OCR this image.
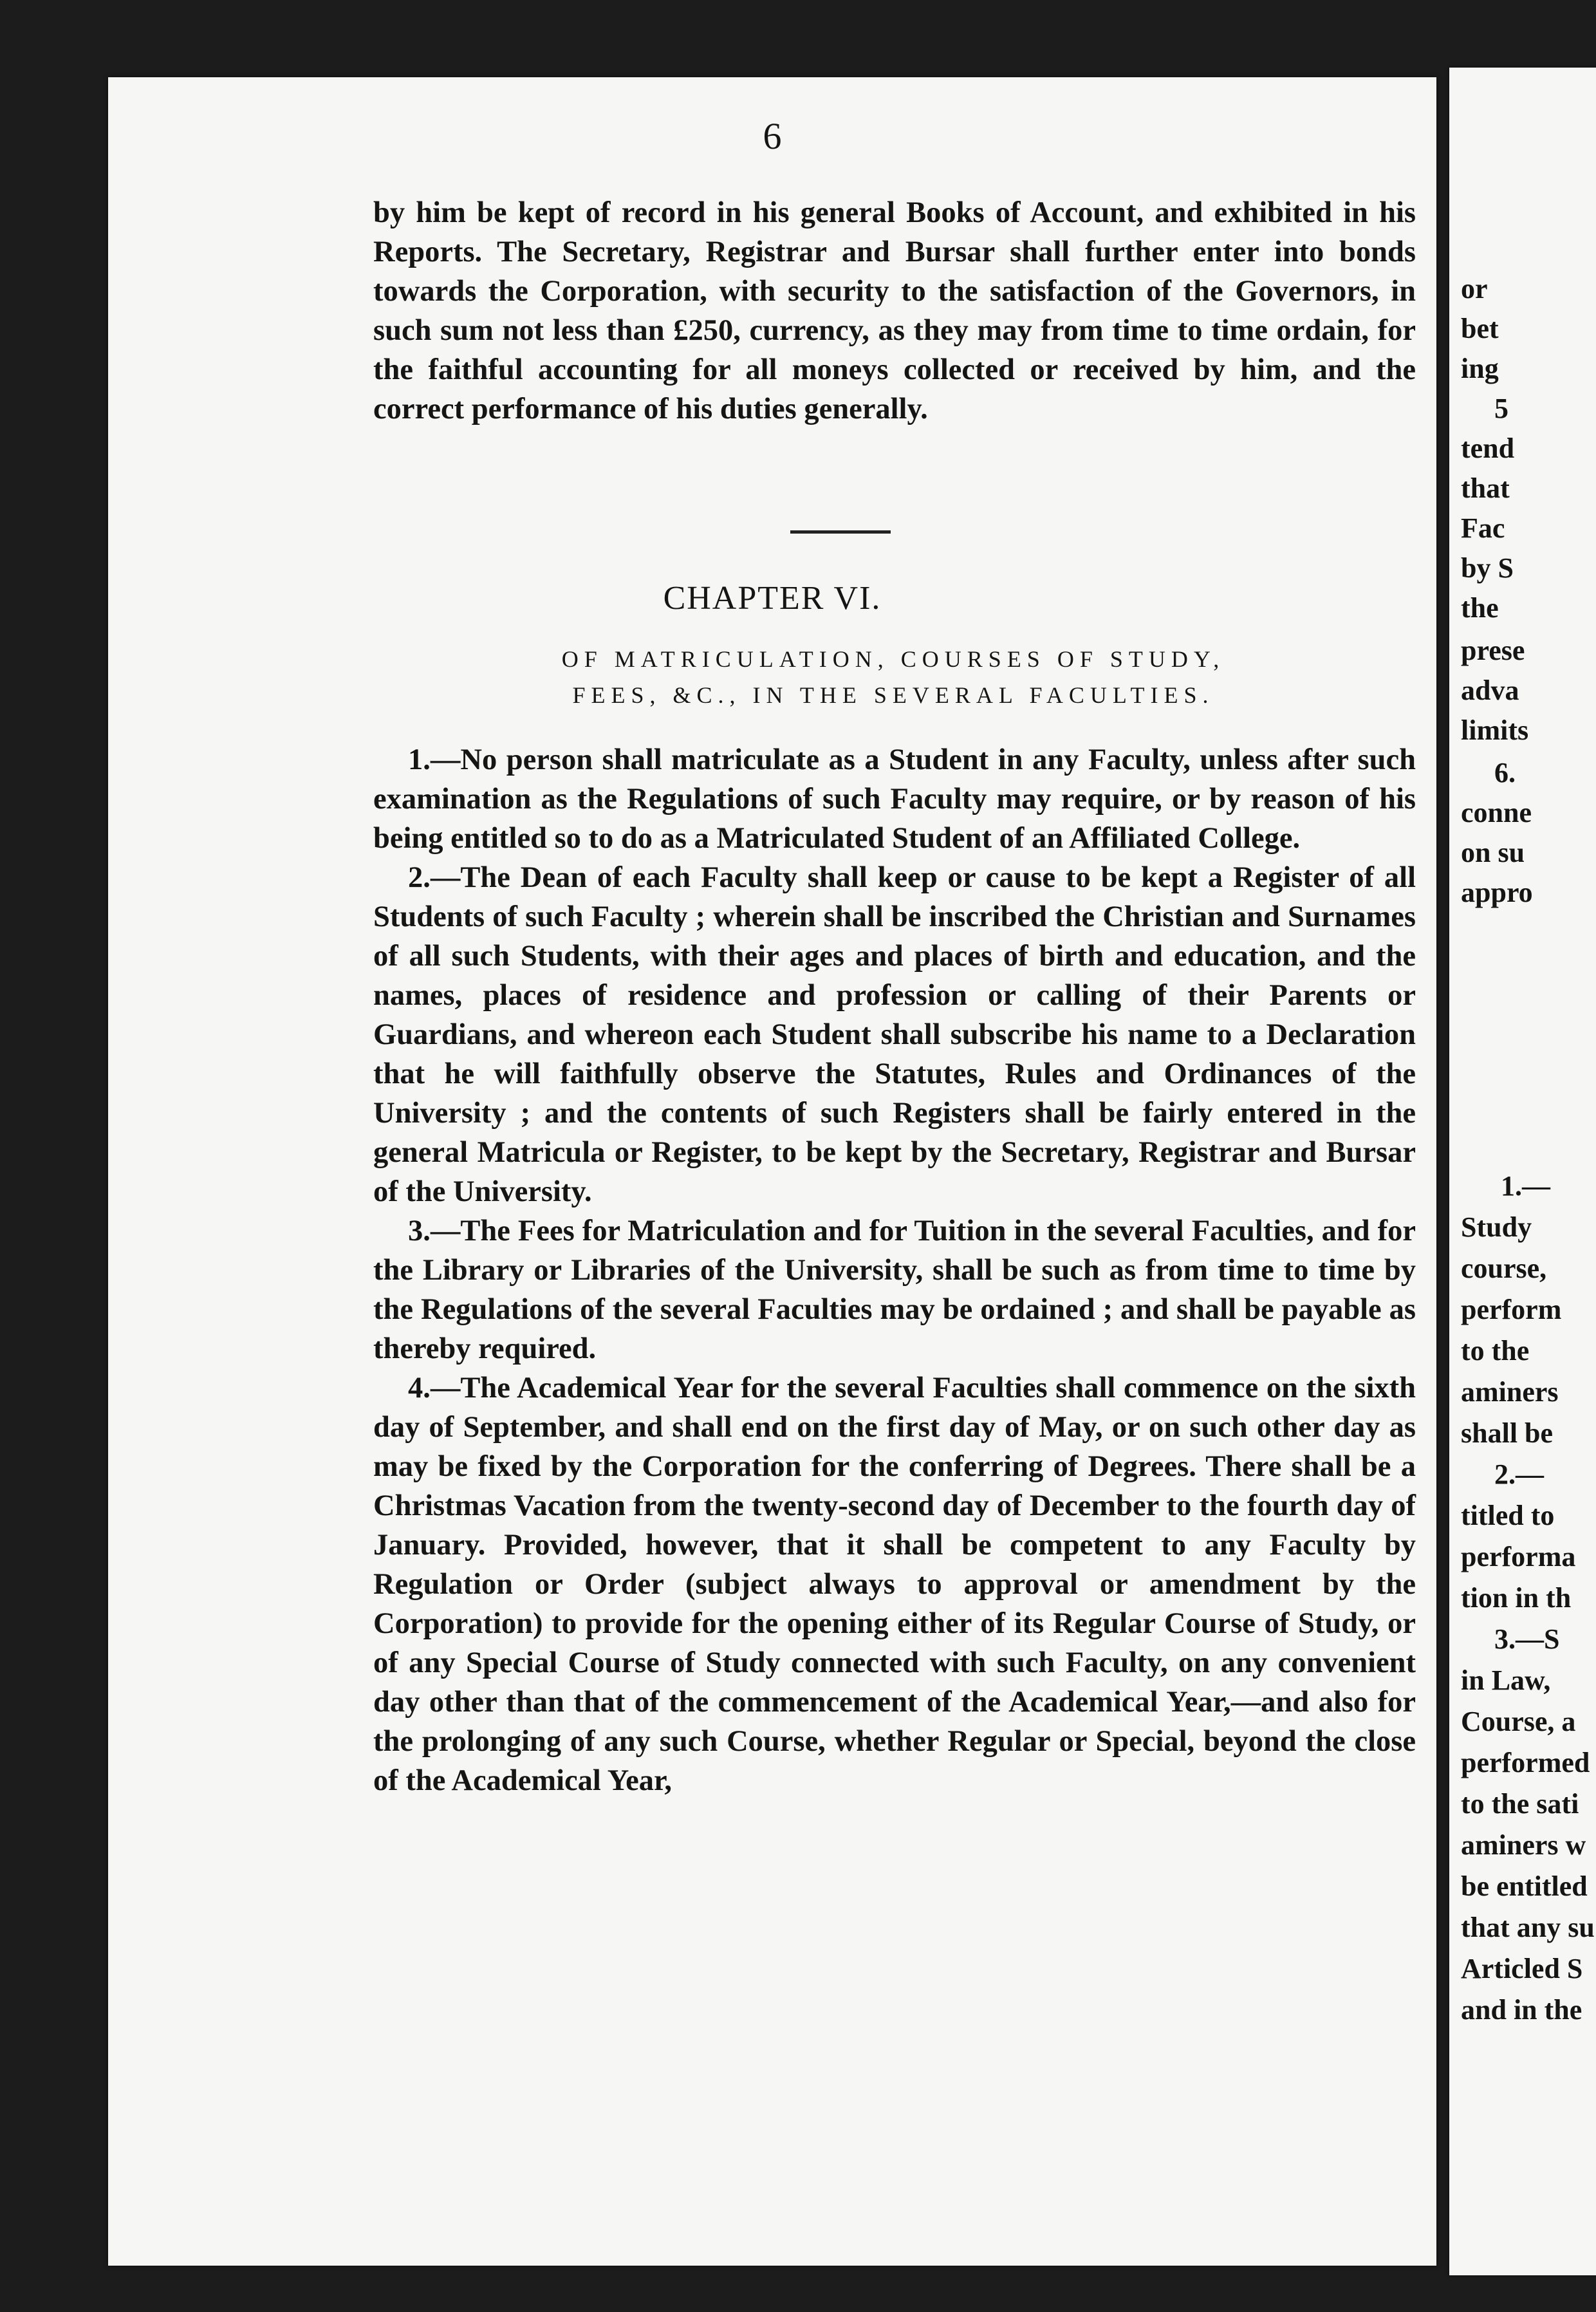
6

by him be kept of record in his general Books of Account, and exhibited in his Reports. The Secretary, Registrar and Bursar shall further enter into bonds towards the Corporation, with security to the satisfaction of the Governors, in such sum not less than £250, currency, as they may from time to time ordain, for the faithful accounting for all moneys collected or received by him, and the correct performance of his duties generally.

CHAPTER VI.
OF MATRICULATION, COURSES OF STUDY,
FEES, &C., IN THE SEVERAL FACULTIES.

1.—No person shall matriculate as a Student in any Faculty, unless after such examination as the Regulations of such Faculty may require, or by reason of his being entitled so to do as a Matriculated Student of an Affiliated College.

2.—The Dean of each Faculty shall keep or cause to be kept a Register of all Students of such Faculty ; wherein shall be inscribed the Christian and Surnames of all such Students, with their ages and places of birth and education, and the names, places of residence and profession or calling of their Parents or Guardians, and whereon each Student shall subscribe his name to a Declaration that he will faithfully observe the Statutes, Rules and Ordinances of the University ; and the contents of such Registers shall be fairly entered in the general Matricula or Register, to be kept by the Secretary, Registrar and Bursar of the University.

3.—The Fees for Matriculation and for Tuition in the several Faculties, and for the Library or Libraries of the University, shall be such as from time to time by the Regulations of the several Faculties may be ordained ; and shall be payable as thereby required.

4.—The Academical Year for the several Faculties shall commence on the sixth day of September, and shall end on the first day of May, or on such other day as may be fixed by the Corporation for the conferring of Degrees. There shall be a Christmas Vacation from the twenty-second day of December to the fourth day of January. Provided, however, that it shall be competent to any Faculty by Regulation or Order (subject always to approval or amendment by the Corporation) to provide for the opening either of its Regular Course of Study, or of any Special Course of Study connected with such Faculty, on any convenient day other than that of the commencement of the Academical Year,—and also for the prolonging of any such Course, whether Regular or Special, beyond the close of the Academical Year,

or
bet
ing
5
tend
that
Fac
by S
the
prese
adva
limits
6.
conne
on su
appro
1.—
Study
course,
perform
to the
aminers
shall be
2.—
titled to
performa
tion in th
3.—S
in Law,
Course, a
performed
to the sati
aminers w
be entitled
that any su
Articled S
and in the
